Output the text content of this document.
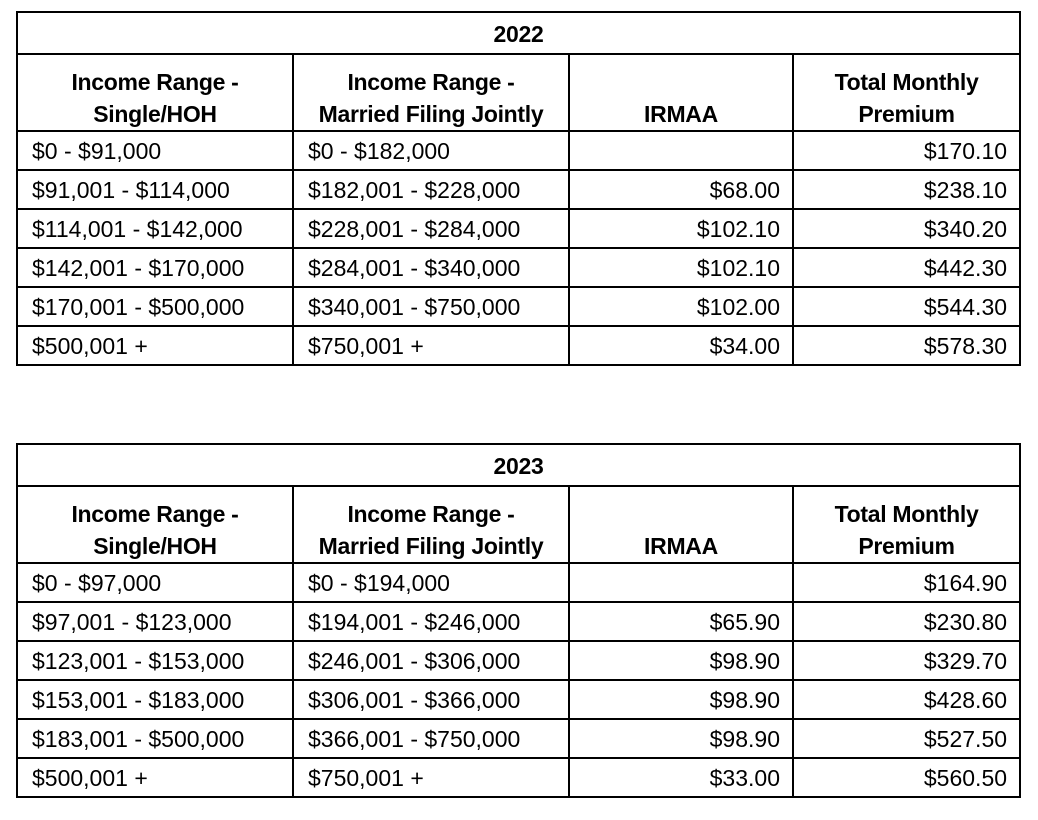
2022			

Income Range -
Single/HOH	Income Range -
Married Filing Jointly	IRMAA	Total Monthly
Premium

$0 - $91,000	$0 - $182,000		$170.10
$91,001 - $114,000	$182,001 - $228,000	$68.00	$238.10
$114,001 - $142,000	$228,001 - $284,000	$102.10	$340.20
$142,001 - $170,000	$284,001 - $340,000	$102.10	$442.30
$170,001 - $500,000	$340,001 - $750,000	$102.00	$544.30
$500,001 +	$750,001 +	$34.00	$578.30
2023			

Income Range -
Single/HOH	Income Range -
Married Filing Jointly	IRMAA	Total Monthly
Premium

$0 - $97,000	$0 - $194,000		$164.90
$97,001 - $123,000	$194,001 - $246,000	$65.90	$230.80
$123,001 - $153,000	$246,001 - $306,000	$98.90	$329.70
$153,001 - $183,000	$306,001 - $366,000	$98.90	$428.60
$183,001 - $500,000	$366,001 - $750,000	$98.90	$527.50
$500,001 +	$750,001 +	$33.00	$560.50
